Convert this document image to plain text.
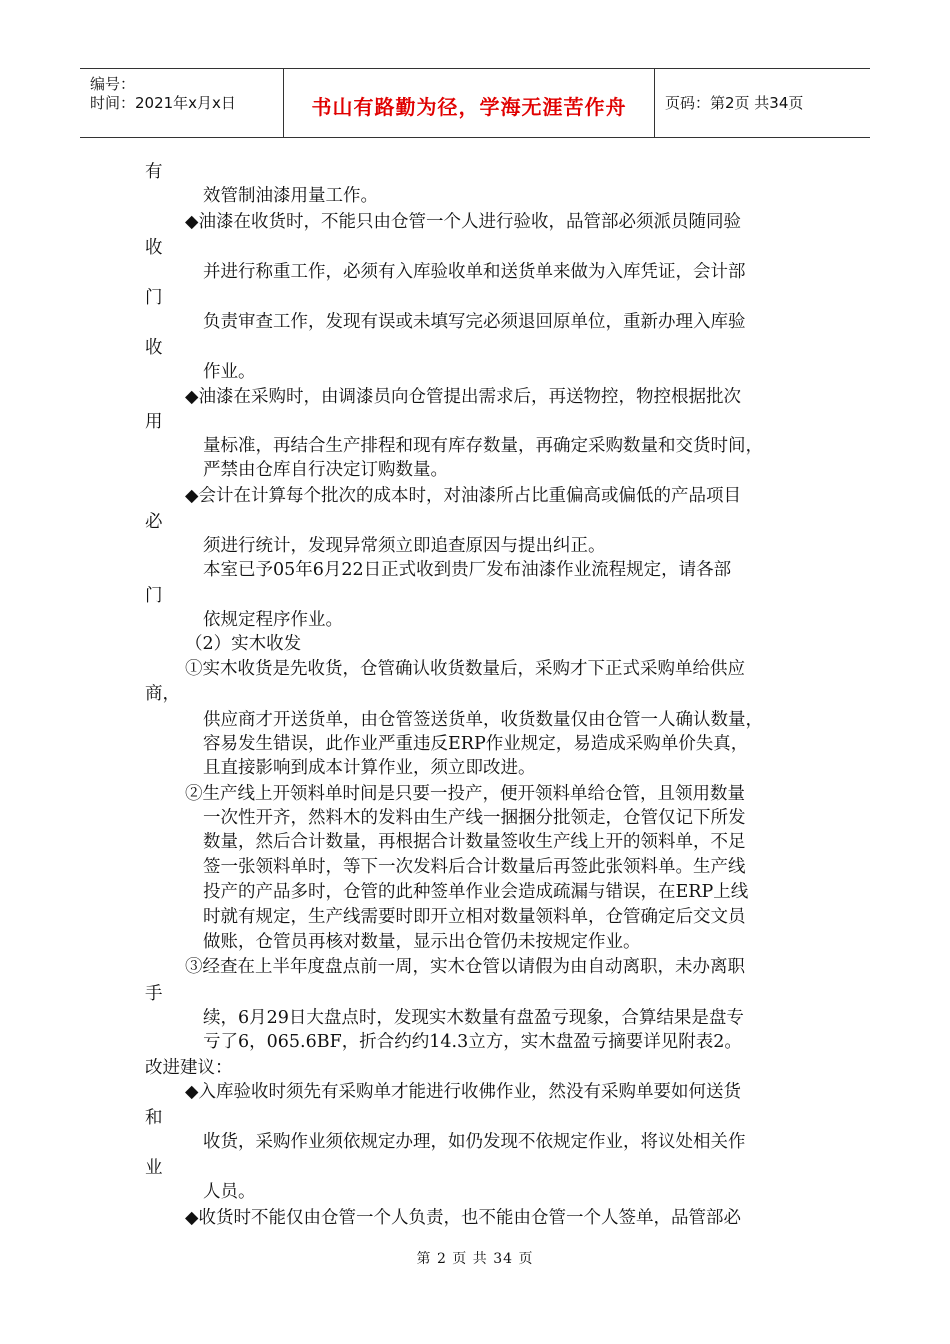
编号：
时间：2021年x月x日	书山有路勤为径，学海无涯苦作舟	页码：第2页 共34页
有
效管制油漆用量工作。
◆油漆在收货时，不能只由仓管一个人进行验收，品管部必须派员随同验
收
并进行称重工作，必须有入库验收单和送货单来做为入库凭证，会计部
门
负责审查工作，发现有误或未填写完必须退回原单位，重新办理入库验
收
作业。
◆油漆在采购时，由调漆员向仓管提出需求后，再送物控，物控根据批次
用
量标准，再结合生产排程和现有库存数量，再确定采购数量和交货时间，
严禁由仓库自行决定订购数量。
◆会计在计算每个批次的成本时，对油漆所占比重偏高或偏低的产品项目
必
须进行统计，发现异常须立即追查原因与提出纠正。
本室已予05年6月22日正式收到贵厂发布油漆作业流程规定，请各部
门
依规定程序作业。
（2）实木收发
①实木收货是先收货，仓管确认收货数量后，采购才下正式采购单给供应
商，
供应商才开送货单，由仓管签送货单，收货数量仅由仓管一人确认数量，
容易发生错误，此作业严重违反ERP作业规定，易造成采购单价失真，
且直接影响到成本计算作业，须立即改进。
②生产线上开领料单时间是只要一投产，便开领料单给仓管，且领用数量
一次性开齐，然料木的发料由生产线一捆捆分批领走，仓管仅记下所发
数量，然后合计数量，再根据合计数量签收生产线上开的领料单，不足
签一张领料单时，等下一次发料后合计数量后再签此张领料单。生产线
投产的产品多时，仓管的此种签单作业会造成疏漏与错误，在ERP上线
时就有规定，生产线需要时即开立相对数量领料单，仓管确定后交文员
做账，仓管员再核对数量，显示出仓管仍未按规定作业。
③经查在上半年度盘点前一周，实木仓管以请假为由自动离职，未办离职
手
续，6月29日大盘点时，发现实木数量有盘盈亏现象，合算结果是盘专
亏了6，065.6BF，折合约约14.3立方，实木盘盈亏摘要详见附表2。
改进建议：
◆入库验收时须先有采购单才能进行收佛作业，然没有采购单要如何送货
和
收货，采购作业须依规定办理，如仍发现不依规定作业，将议处相关作
业
人员。
◆收货时不能仅由仓管一个人负责，也不能由仓管一个人签单，品管部必
第 2 页 共 34 页
